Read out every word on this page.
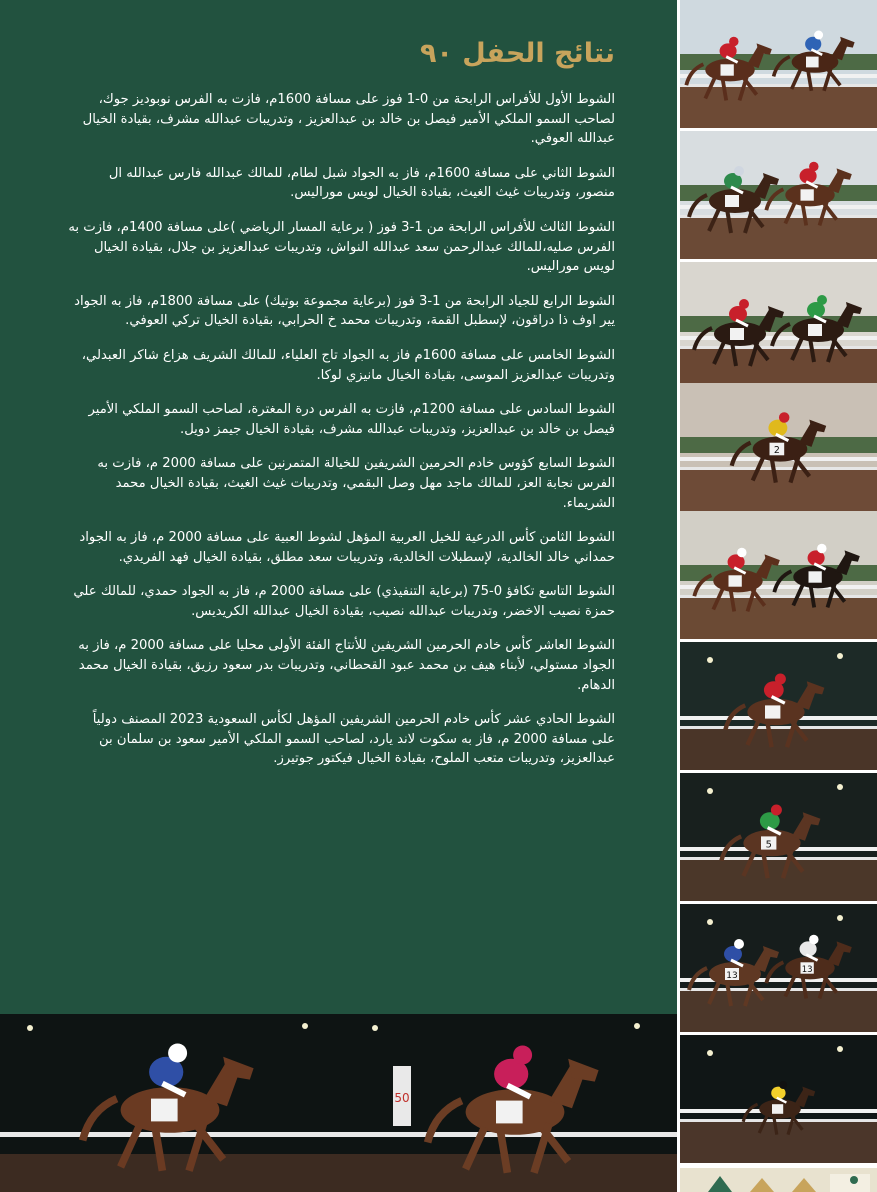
نتائج الحفل ٩٠
الشوط الأول للأفراس الرابحة من 0-1 فوز على مسافة 1600م، فازت به الفرس نوبوديز جوك، لصاحب السمو الملكي الأمير فيصل بن خالد بن عبدالعزيز ، وتدريبات عبدالله مشرف، بقيادة الخيال عبدالله العوفي.
الشوط الثاني على مسافة 1600م، فاز به الجواد شبل لطام، للمالك عبدالله فارس عبدالله ال منصور، وتدريبات غيث الغيث، بقيادة الخيال لويس موراليس.
الشوط الثالث للأفراس الرابحة من 1-3 فوز ( برعاية المسار الرياضي )على مسافة 1400م، فازت به الفرس صليه،للمالك عبدالرحمن سعد عبدالله النواش، وتدريبات عبدالعزيز بن جلال، بقيادة الخيال لويس موراليس.
الشوط الرابع للجياد الرابحة من 1-3 فوز (برعاية مجموعة بوتيك) على مسافة 1800م، فاز به الجواد يير اوف ذا دراقون، لإسطبل القمة، وتدريبات محمد خ الحرابي، بقيادة الخيال تركي العوفي.
الشوط الخامس على مسافة 1600م فاز به الجواد تاج العلياء، للمالك الشريف هزاع شاكر العبدلي، وتدريبات عبدالعزيز الموسى، بقيادة الخيال مانيزي لوكا.
الشوط السادس على مسافة 1200م، فازت به الفرس درة المغترة، لصاحب السمو الملكي الأمير فيصل بن خالد بن عبدالعزيز، وتدريبات عبدالله مشرف، بقيادة الخيال جيمز دويل.
الشوط السابع كؤوس خادم الحرمين الشريفين للخيالة المتمرنين على مسافة 2000 م، فازت به الفرس نجابة العز، للمالك ماجد مهل وصل البقمي، وتدريبات غيث الغيث، بقيادة الخيال محمد الشريماء.
الشوط الثامن كأس الدرعية للخيل العربية المؤهل لشوط العبية على مسافة 2000 م، فاز به الجواد حمداني خالد الخالدية، لإسطبلات الخالدية، وتدريبات سعد مطلق، بقيادة الخيال فهد الفريدي.
الشوط التاسع تكافؤ 0-75 (برعاية التنفيذي) على مسافة 2000 م، فاز به الجواد حمدي، للمالك علي حمزة نصيب الاخضر، وتدريبات عبدالله نصيب، بقيادة الخيال عبدالله الكريديس.
الشوط العاشر كأس خادم الحرمين الشريفين للأنتاج الفئة الأولى محليا على مسافة 2000 م، فاز به الجواد مستولي، لأبناء هيف بن محمد عبود القحطاني، وتدريبات بدر سعود رزيق، بقيادة الخيال محمد الدهام.
الشوط الحادي عشر كأس خادم الحرمين الشريفين المؤهل لكأس السعودية 2023 المصنف دولياً على مسافة 2000 م، فاز به سكوت لاند يارد، لصاحب السمو الملكي الأمير سعود بن سلمان بن عبدالعزيز، وتدريبات متعب الملوح، بقيادة الخيال فيكتور جوتيرز.
2
5
13
13
50
